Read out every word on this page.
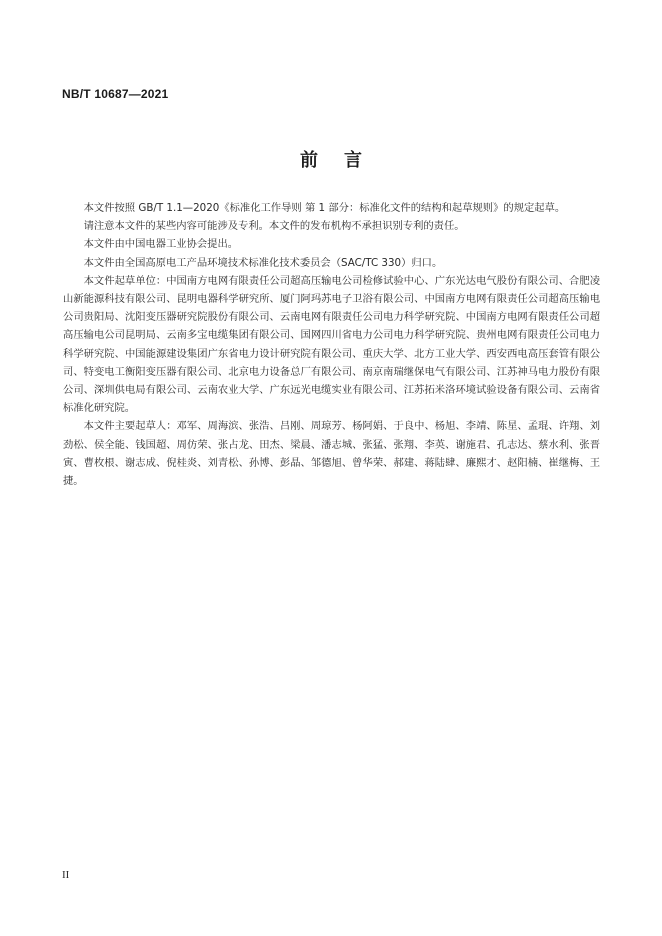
NB/T 10687—2021
前言

本文件按照 GB/T 1.1—2020《标准化工作导则 第 1 部分：标准化文件的结构和起草规则》的规定起草。

请注意本文件的某些内容可能涉及专利。本文件的发布机构不承担识别专利的责任。

本文件由中国电器工业协会提出。

本文件由全国高原电工产品环境技术标准化技术委员会（SAC/TC 330）归口。

本文件起草单位：中国南方电网有限责任公司超高压输电公司检修试验中心、广东光达电气股份有限公司、合肥凌山新能源科技有限公司、昆明电器科学研究所、厦门阿玛苏电子卫浴有限公司、中国南方电网有限责任公司超高压输电公司贵阳局、沈阳变压器研究院股份有限公司、云南电网有限责任公司电力科学研究院、中国南方电网有限责任公司超高压输电公司昆明局、云南多宝电缆集团有限公司、国网四川省电力公司电力科学研究院、贵州电网有限责任公司电力科学研究院、中国能源建设集团广东省电力设计研究院有限公司、重庆大学、北方工业大学、西安西电高压套管有限公司、特变电工衡阳变压器有限公司、北京电力设备总厂有限公司、南京南瑞继保电气有限公司、江苏神马电力股份有限公司、深圳供电局有限公司、云南农业大学、广东远光电缆实业有限公司、江苏拓米洛环境试验设备有限公司、云南省标准化研究院。

本文件主要起草人：邓军、周海滨、张浩、吕刚、周琼芳、杨阿娟、于良中、杨旭、李靖、陈星、孟琨、许翔、刘劲松、侯全能、钱国超、周仿荣、张占龙、田杰、梁晨、潘志城、张猛、张翔、李英、谢施君、孔志达、蔡水利、张晋寅、曹枚根、谢志成、倪桂炎、刘青松、孙博、彭晶、邹德旭、曾华荣、郝建、蒋陆肆、廉熙才、赵阳楠、崔继梅、王捷。

II
